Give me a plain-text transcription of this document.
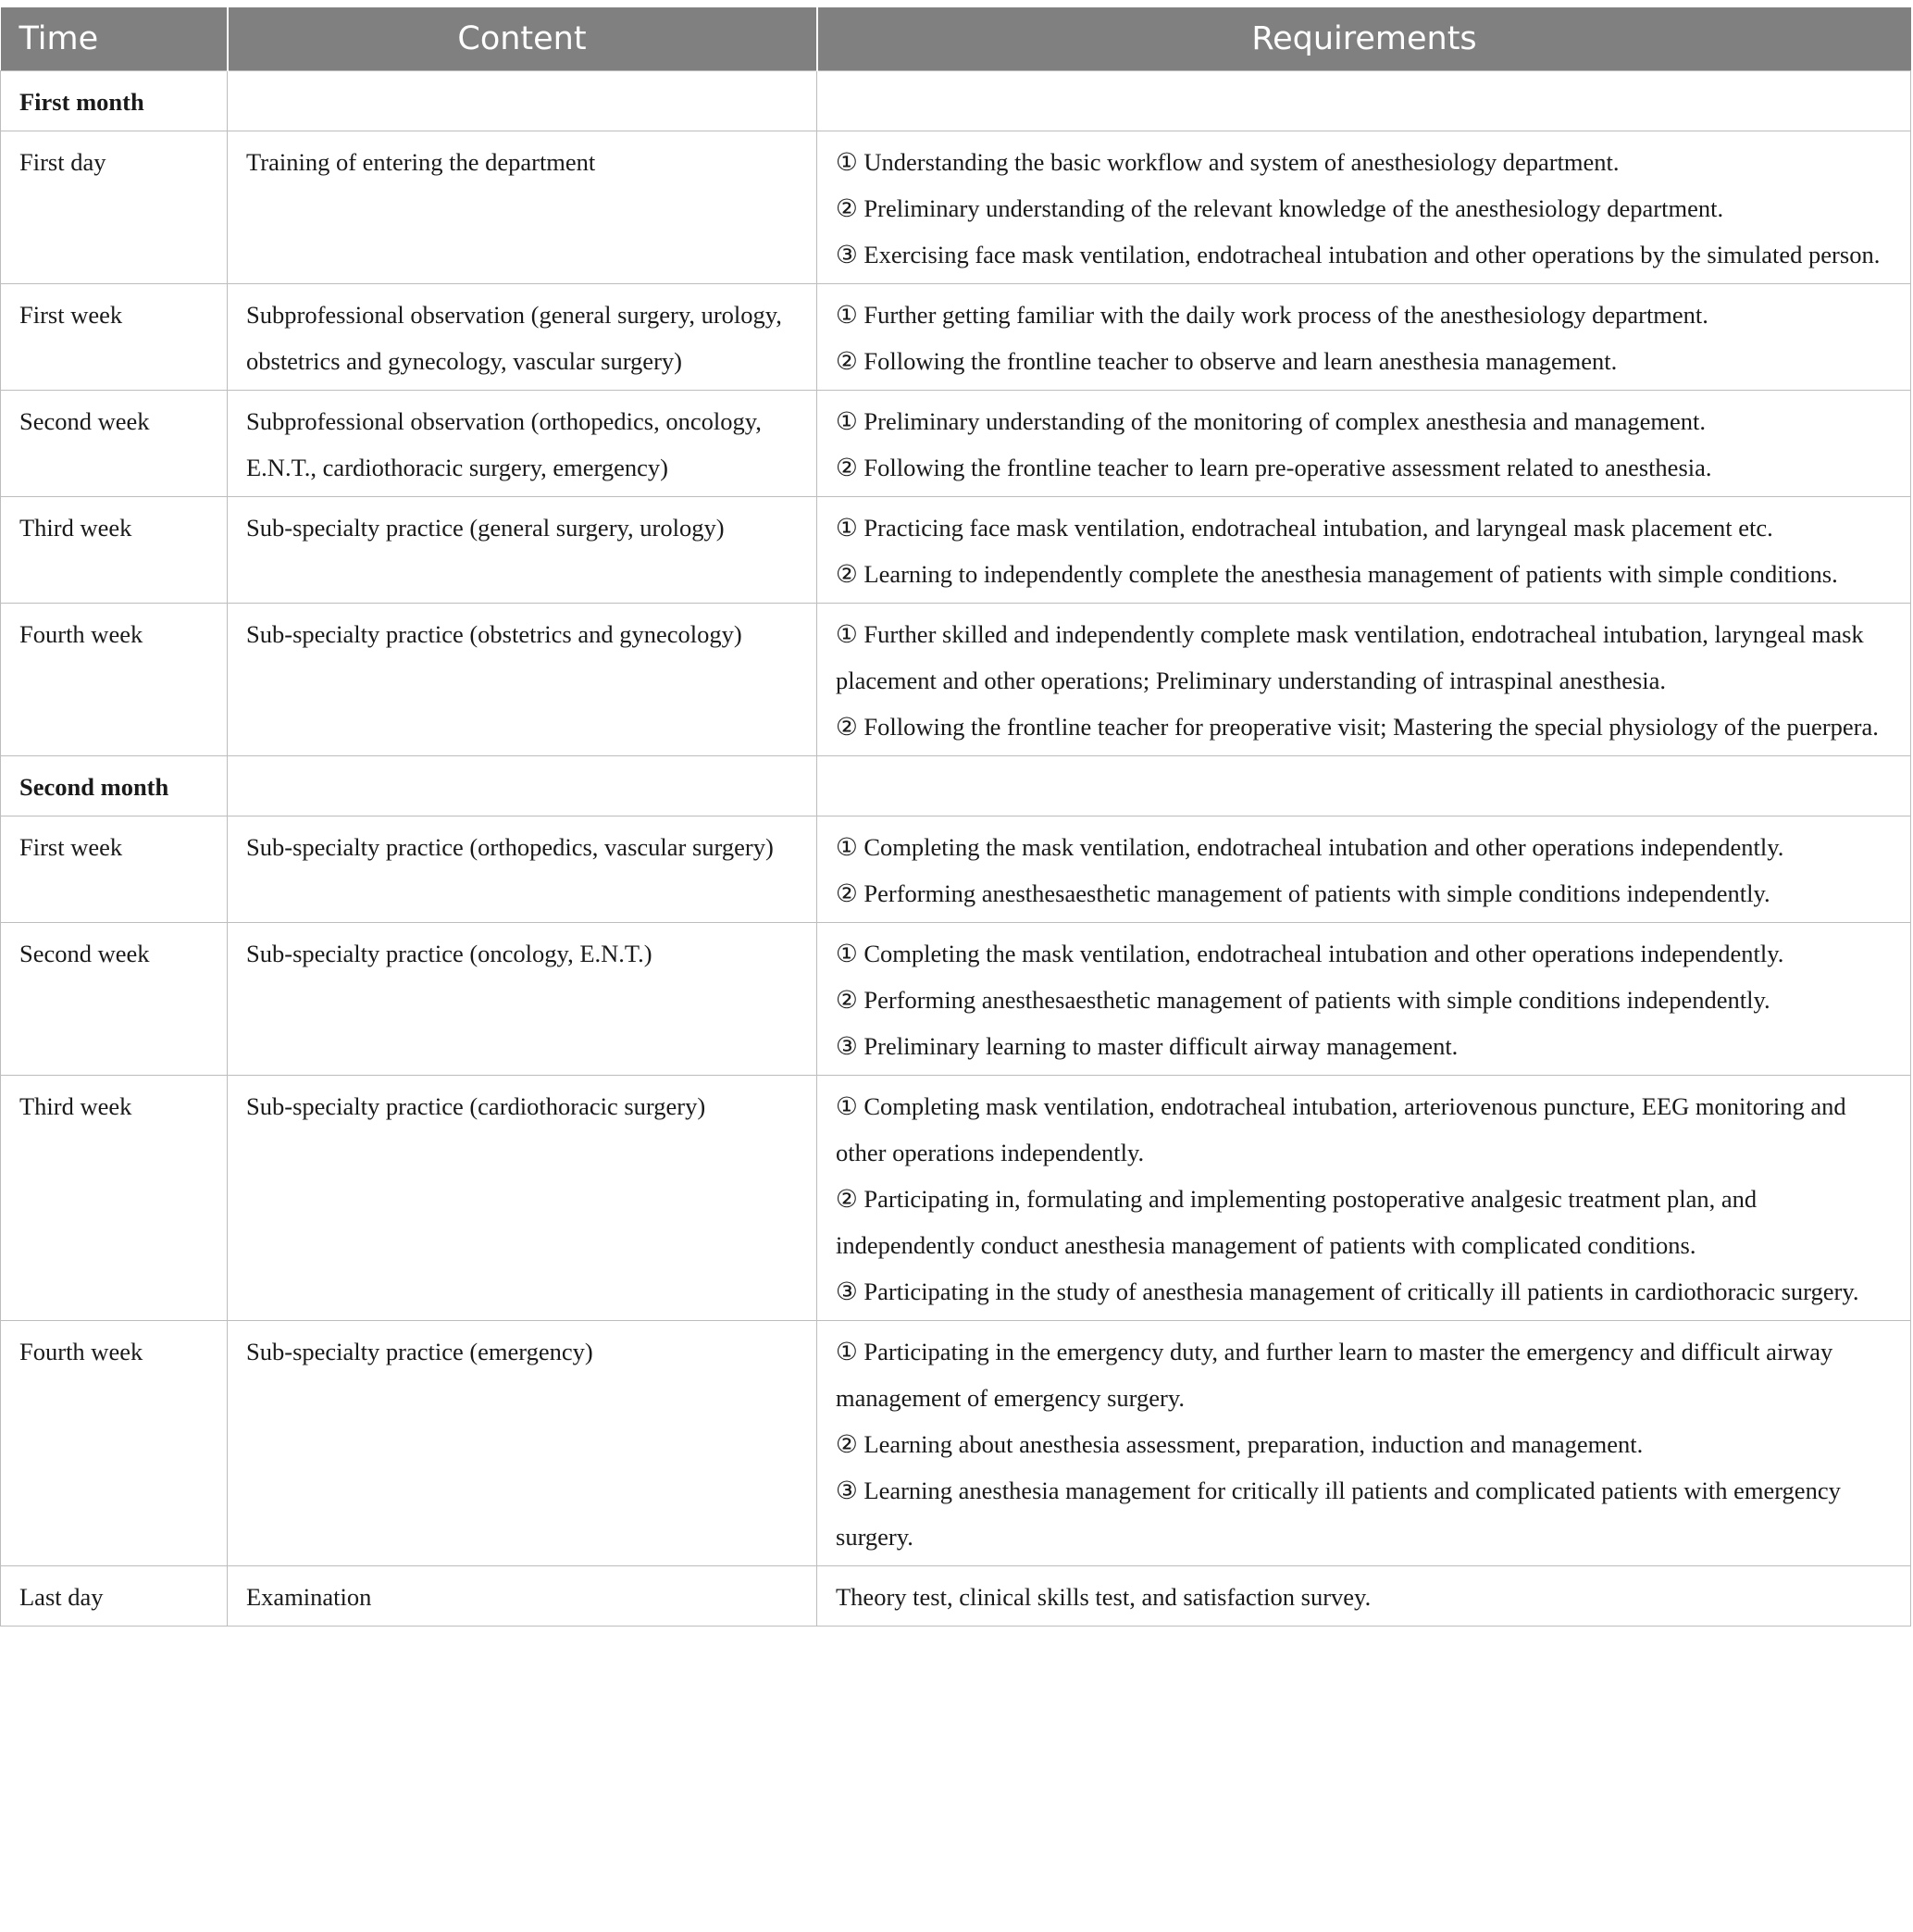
Time	Content	Requirements
First month		
First day	Training of entering the department	① Understanding the basic workflow and system of anesthesiology department.
② Preliminary understanding of the relevant knowledge of the anesthesiology department.
③ Exercising face mask ventilation, endotracheal intubation and other operations by the simulated person.

First week	Subprofessional observation (general surgery, urology, obstetrics and gynecology, vascular surgery)	① Further getting familiar with the daily work process of the anesthesiology department.
② Following the frontline teacher to observe and learn anesthesia management.

Second week	Subprofessional observation (orthopedics, oncology, E.N.T., cardiothoracic surgery, emergency)	① Preliminary understanding of the monitoring of complex anesthesia and management.
② Following the frontline teacher to learn pre-operative assessment related to anesthesia.

Third week	Sub-specialty practice (general surgery, urology)	① Practicing face mask ventilation, endotracheal intubation, and laryngeal mask placement etc.
② Learning to independently complete the anesthesia management of patients with simple conditions.

Fourth week	Sub-specialty practice (obstetrics and gynecology)	① Further skilled and independently complete mask ventilation, endotracheal intubation, laryngeal mask placement and other operations; Preliminary understanding of intraspinal anesthesia.
② Following the frontline teacher for preoperative visit; Mastering the special physiology of the puerpera.

Second month		
First week	Sub-specialty practice (orthopedics, vascular surgery)	① Completing the mask ventilation, endotracheal intubation and other operations independently.
② Performing anesthesaesthetic management of patients with simple conditions independently.

Second week	Sub-specialty practice (oncology, E.N.T.)	① Completing the mask ventilation, endotracheal intubation and other operations independently.
② Performing anesthesaesthetic management of patients with simple conditions independently.
③ Preliminary learning to master difficult airway management.

Third week	Sub-specialty practice (cardiothoracic surgery)	① Completing mask ventilation, endotracheal intubation, arteriovenous puncture, EEG monitoring and other operations independently.
② Participating in, formulating and implementing postoperative analgesic treatment plan, and independently conduct anesthesia management of patients with complicated conditions.
③ Participating in the study of anesthesia management of critically ill patients in cardiothoracic surgery.

Fourth week	Sub-specialty practice (emergency)	① Participating in the emergency duty, and further learn to master the emergency and difficult airway management of emergency surgery.
② Learning about anesthesia assessment, preparation, induction and management.
③ Learning anesthesia management for critically ill patients and complicated patients with emergency surgery.

Last day	Examination	Theory test, clinical skills test, and satisfaction survey.
